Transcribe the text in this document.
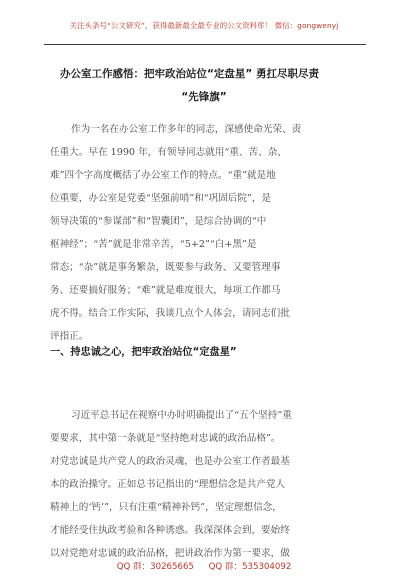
关注头条号“公文研究”，获得最新最全最专业的公文资料库！ 微信：gongwenyj
办公室工作感悟：把牢政治站位“定盘星” 勇扛尽职尽责
“先锋旗”
作为一名在办公室工作多年的同志，深感使命光荣、责
任重大。早在 1990 年，有领导同志就用“重、苦、杂、
难”四个字高度概括了办公室工作的特点。“重”就是地
位重要，办公室是党委“坚强前哨”和“巩固后院”，是
领导决策的“参谋部”和“智囊团”，是综合协调的“中
枢神经”；“苦”就是非常辛苦，“5+2”“白+黑”是
常态；“杂”就是事务繁杂，既要参与政务、又要管理事
务、还要搞好服务；“难”就是难度很大，每项工作都马
虎不得。结合工作实际，我谈几点个人体会，请同志们批
评指正。
一、持忠诚之心，把牢政治站位“定盘星”
习近平总书记在视察中办时明确提出了“五个坚持”重
要要求，其中第一条就是“坚持绝对忠诚的政治品格”。
对党忠诚是共产党人的政治灵魂，也是办公室工作者最基
本的政治操守。正如总书记指出的“理想信念是共产党人
精神上的‘钙’”，只有注重“精神补钙”，坚定理想信念，
才能经受住执政考验和各种诱惑。我深深体会到，要始终
以对党绝对忠诚的政治品格，把讲政治作为第一要求，做
QQ 群：30265665 QQ 群：535304092
